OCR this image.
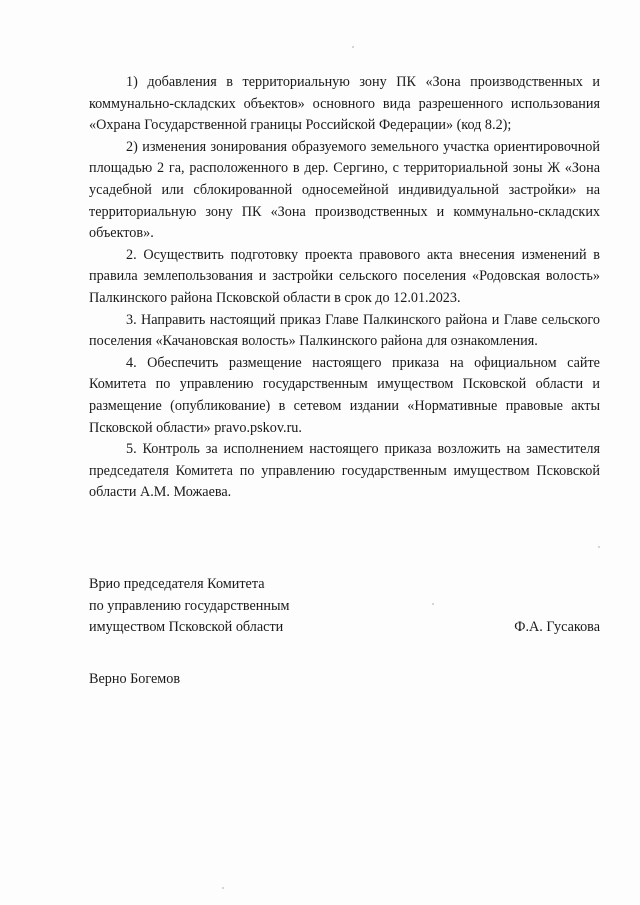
1) добавления в территориальную зону ПК «Зона производственных и коммунально-складских объектов» основного вида разрешенного использования «Охрана Государственной границы Российской Федерации» (код 8.2);

2) изменения зонирования образуемого земельного участка ориентировочной площадью 2 га, расположенного в дер. Сергино, с территориальной зоны Ж «Зона усадебной или сблокированной односемейной индивидуальной застройки» на территориальную зону ПК «Зона производственных и коммунально-складских объектов».

2. Осуществить подготовку проекта правового акта внесения изменений в правила землепользования и застройки сельского поселения «Родовская волость» Палкинского района Псковской области в срок до 12.01.2023.

3. Направить настоящий приказ Главе Палкинского района и Главе сельского поселения «Качановская волость» Палкинского района для ознакомления.

4. Обеспечить размещение настоящего приказа на официальном сайте Комитета по управлению государственным имуществом Псковской области и размещение (опубликование) в сетевом издании «Нормативные правовые акты Псковской области» pravo.pskov.ru.

5. Контроль за исполнением настоящего приказа возложить на заместителя председателя Комитета по управлению государственным имуществом Псковской области А.М. Можаева.

Врио председателя Комитета
по управлению государственным
имуществом Псковской области	Ф.А. Гусакова
Верно Богемов
